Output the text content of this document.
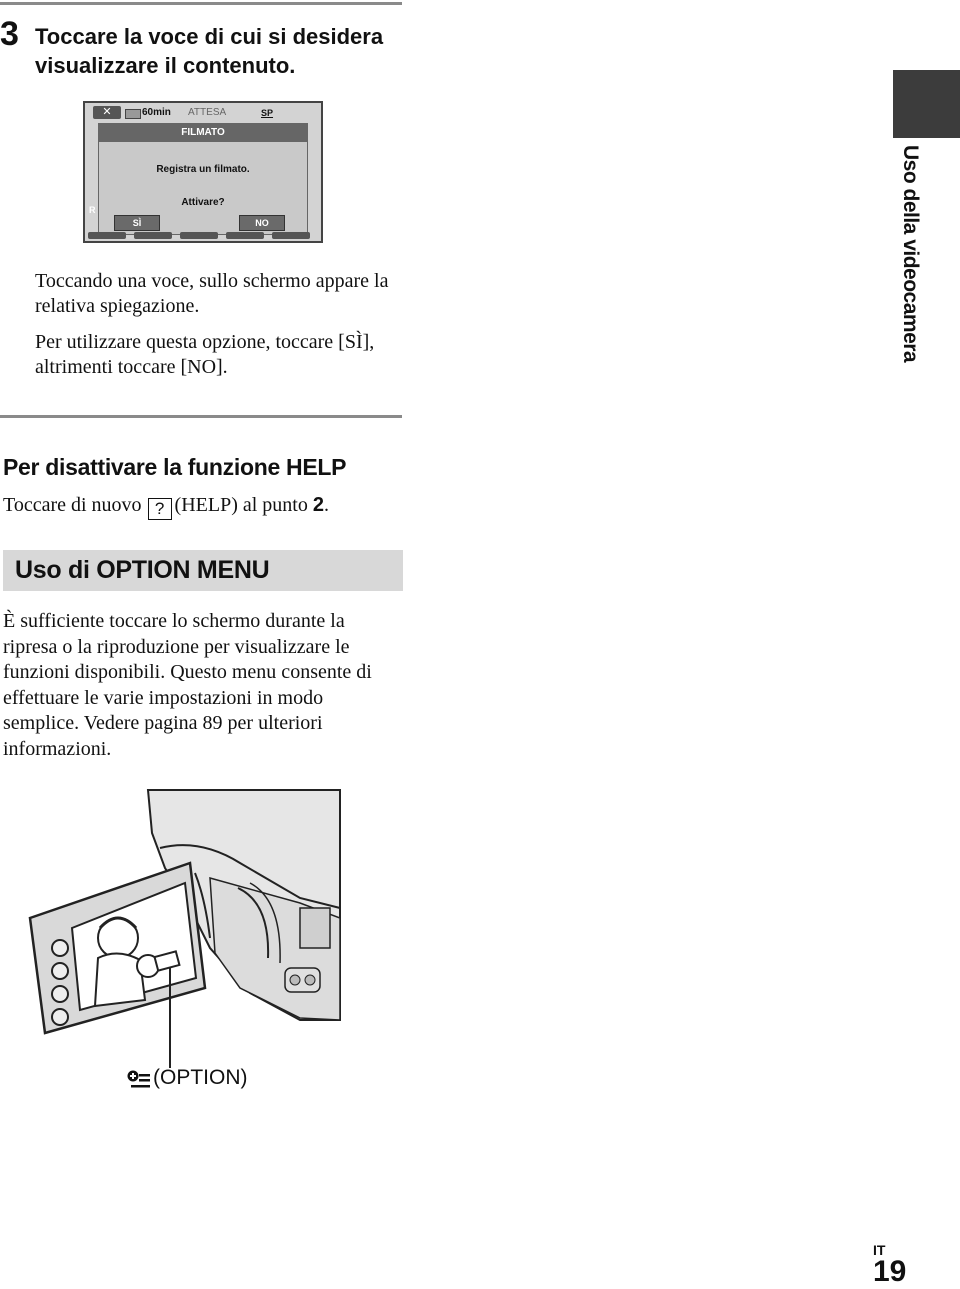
3 Toccare la voce di cui si desidera visualizzare il contenuto.
✕	60min ATTESA	SP
R
FILMATO
Registra un filmato.
Attivare?
SÌ	NO
Toccando una voce, sullo schermo appare la relativa spiegazione.
Per utilizzare questa opzione, toccare [SÌ], altrimenti toccare [NO].
Uso della videocamera
Per disattivare la funzione HELP
Toccare di nuovo ? (HELP) al punto 2.
Uso di OPTION MENU
È sufficiente toccare lo schermo durante la ripresa o la riproduzione per visualizzare le funzioni disponibili. Questo menu consente di effettuare le varie impostazioni in modo semplice. Vedere pagina 89 per ulteriori informazioni.
(OPTION)
IT
19
